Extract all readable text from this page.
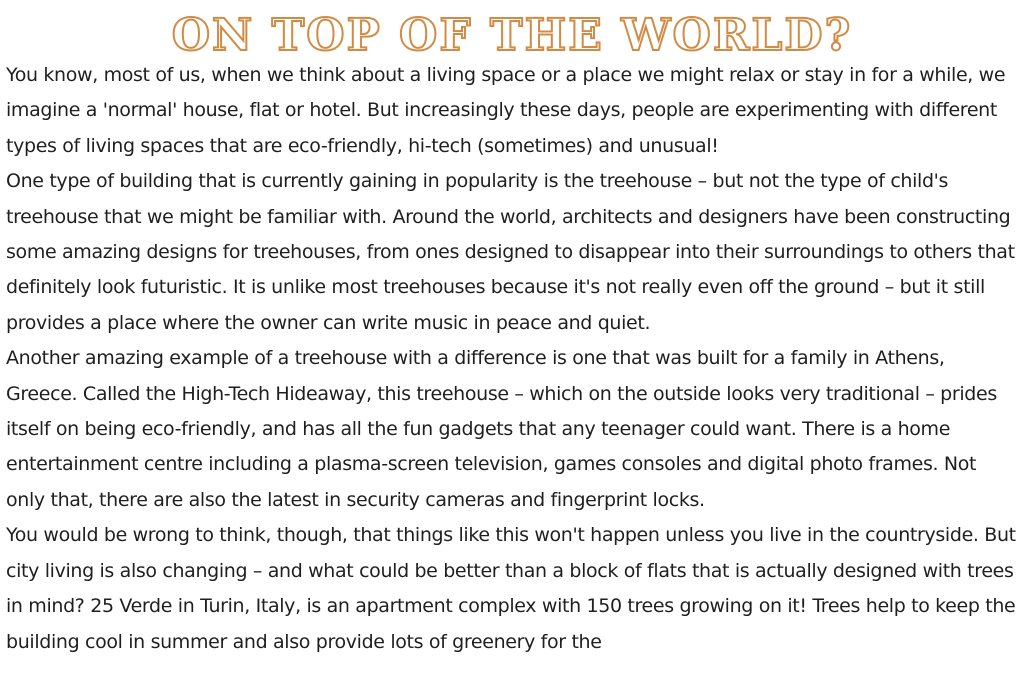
ON TOP OF THE WORLD?

You know, most of us, when we think about a living space or a place we might relax or stay in for a while, we imagine a 'normal' house, flat or hotel. But increasingly these days, people are experimenting with different types of living spaces that are eco-friendly, hi-tech (sometimes) and unusual!

One type of building that is currently gaining in popularity is the treehouse – but not the type of child's treehouse that we might be familiar with. Around the world, architects and designers have been constructing some amazing designs for treehouses, from ones designed to disappear into their surroundings to others that definitely look futuristic. It is unlike most treehouses because it's not really even off the ground – but it still provides a place where the owner can write music in peace and quiet.

Another amazing example of a treehouse with a difference is one that was built for a family in Athens, Greece. Called the High-Tech Hideaway, this treehouse – which on the outside looks very traditional – prides itself on being eco-friendly, and has all the fun gadgets that any teenager could want. There is a home entertainment centre including a plasma-screen television, games consoles and digital photo frames. Not only that, there are also the latest in security cameras and fingerprint locks.

You would be wrong to think, though, that things like this won't happen unless you live in the countryside. But city living is also changing – and what could be better than a block of flats that is actually designed with trees in mind? 25 Verde in Turin, Italy, is an apartment complex with 150 trees growing on it! Trees help to keep the building cool in summer and also provide lots of greenery for the
